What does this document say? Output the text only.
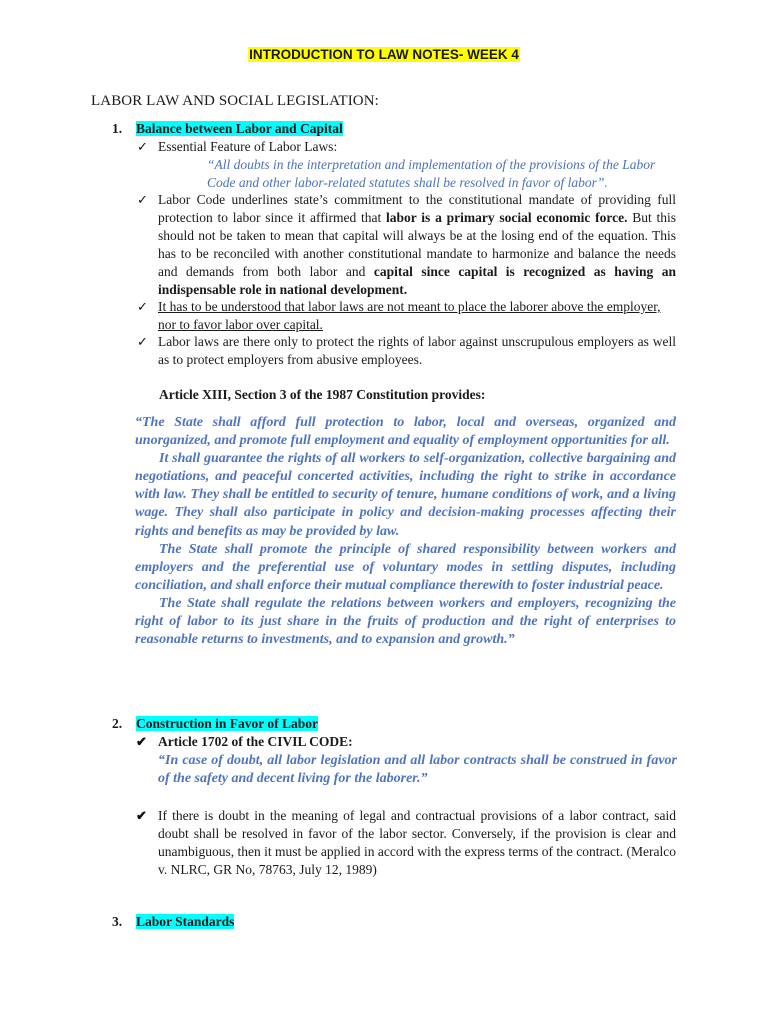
INTRODUCTION TO LAW NOTES- WEEK 4
LABOR LAW AND SOCIAL LEGISLATION:
1. Balance between Labor and Capital
✓ Essential Feature of Labor Laws:
“All doubts in the interpretation and implementation of the provisions of the Labor
Code and other labor-related statutes shall be resolved in favor of labor”.
✓ Labor Code underlines state’s commitment to the constitutional mandate of providing full protection to labor since it affirmed that labor is a primary social economic force. But this should not be taken to mean that capital will always be at the losing end of the equation. This has to be reconciled with another constitutional mandate to harmonize and balance the needs and demands from both labor and capital since capital is recognized as having an indispensable role in national development.
✓ It has to be understood that labor laws are not meant to place the laborer above the employer,
nor to favor labor over capital.
✓ Labor laws are there only to protect the rights of labor against unscrupulous employers as well as to protect employers from abusive employees.
Article XIII, Section 3 of the 1987 Constitution provides:
“The State shall afford full protection to labor, local and overseas, organized and unorganized, and promote full employment and equality of employment opportunities for all.
It shall guarantee the rights of all workers to self-organization, collective bargaining and negotiations, and peaceful concerted activities, including the right to strike in accordance with law. They shall be entitled to security of tenure, humane conditions of work, and a living wage. They shall also participate in policy and decision-making processes affecting their rights and benefits as may be provided by law.
The State shall promote the principle of shared responsibility between workers and employers and the preferential use of voluntary modes in settling disputes, including conciliation, and shall enforce their mutual compliance therewith to foster industrial peace.
The State shall regulate the relations between workers and employers, recognizing the right of labor to its just share in the fruits of production and the right of enterprises to reasonable returns to investments, and to expansion and growth.”
2. Construction in Favor of Labor
✔ Article 1702 of the CIVIL CODE:
“In case of doubt, all labor legislation and all labor contracts shall be construed in favor of the safety and decent living for the laborer.”
✔ If there is doubt in the meaning of legal and contractual provisions of a labor contract, said doubt shall be resolved in favor of the labor sector. Conversely, if the provision is clear and unambiguous, then it must be applied in accord with the express terms of the contract. (Meralco v. NLRC, GR No, 78763, July 12, 1989)
3. Labor Standards
